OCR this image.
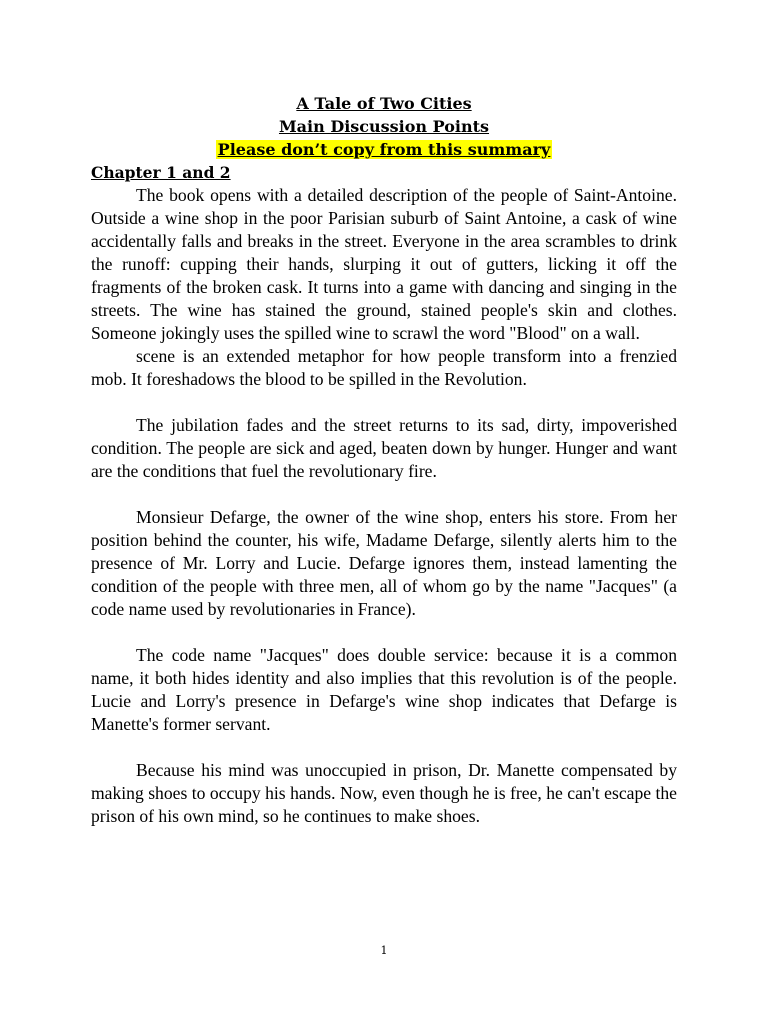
A Tale of Two Cities
Main Discussion Points
Please don’t copy from this summary
Chapter 1 and 2

The book opens with a detailed description of the people of Saint-Antoine. Outside a wine shop in the poor Parisian suburb of Saint Antoine, a cask of wine accidentally falls and breaks in the street. Everyone in the area scrambles to drink the runoff: cupping their hands, slurping it out of gutters, licking it off the fragments of the broken cask. It turns into a game with dancing and singing in the streets. The wine has stained the ground, stained people's skin and clothes. Someone jokingly uses the spilled wine to scrawl the word "Blood" on a wall.

scene is an extended metaphor for how people transform into a frenzied mob. It foreshadows the blood to be spilled in the Revolution.

The jubilation fades and the street returns to its sad, dirty, impoverished condition. The people are sick and aged, beaten down by hunger. Hunger and want are the conditions that fuel the revolutionary fire.

Monsieur Defarge, the owner of the wine shop, enters his store. From her position behind the counter, his wife, Madame Defarge, silently alerts him to the presence of Mr. Lorry and Lucie. Defarge ignores them, instead lamenting the condition of the people with three men, all of whom go by the name "Jacques" (a code name used by revolutionaries in France).

The code name "Jacques" does double service: because it is a common name, it both hides identity and also implies that this revolution is of the people. Lucie and Lorry's presence in Defarge's wine shop indicates that Defarge is Manette's former servant.

Because his mind was unoccupied in prison, Dr. Manette compensated by making shoes to occupy his hands. Now, even though he is free, he can't escape the prison of his own mind, so he continues to make shoes.

1
